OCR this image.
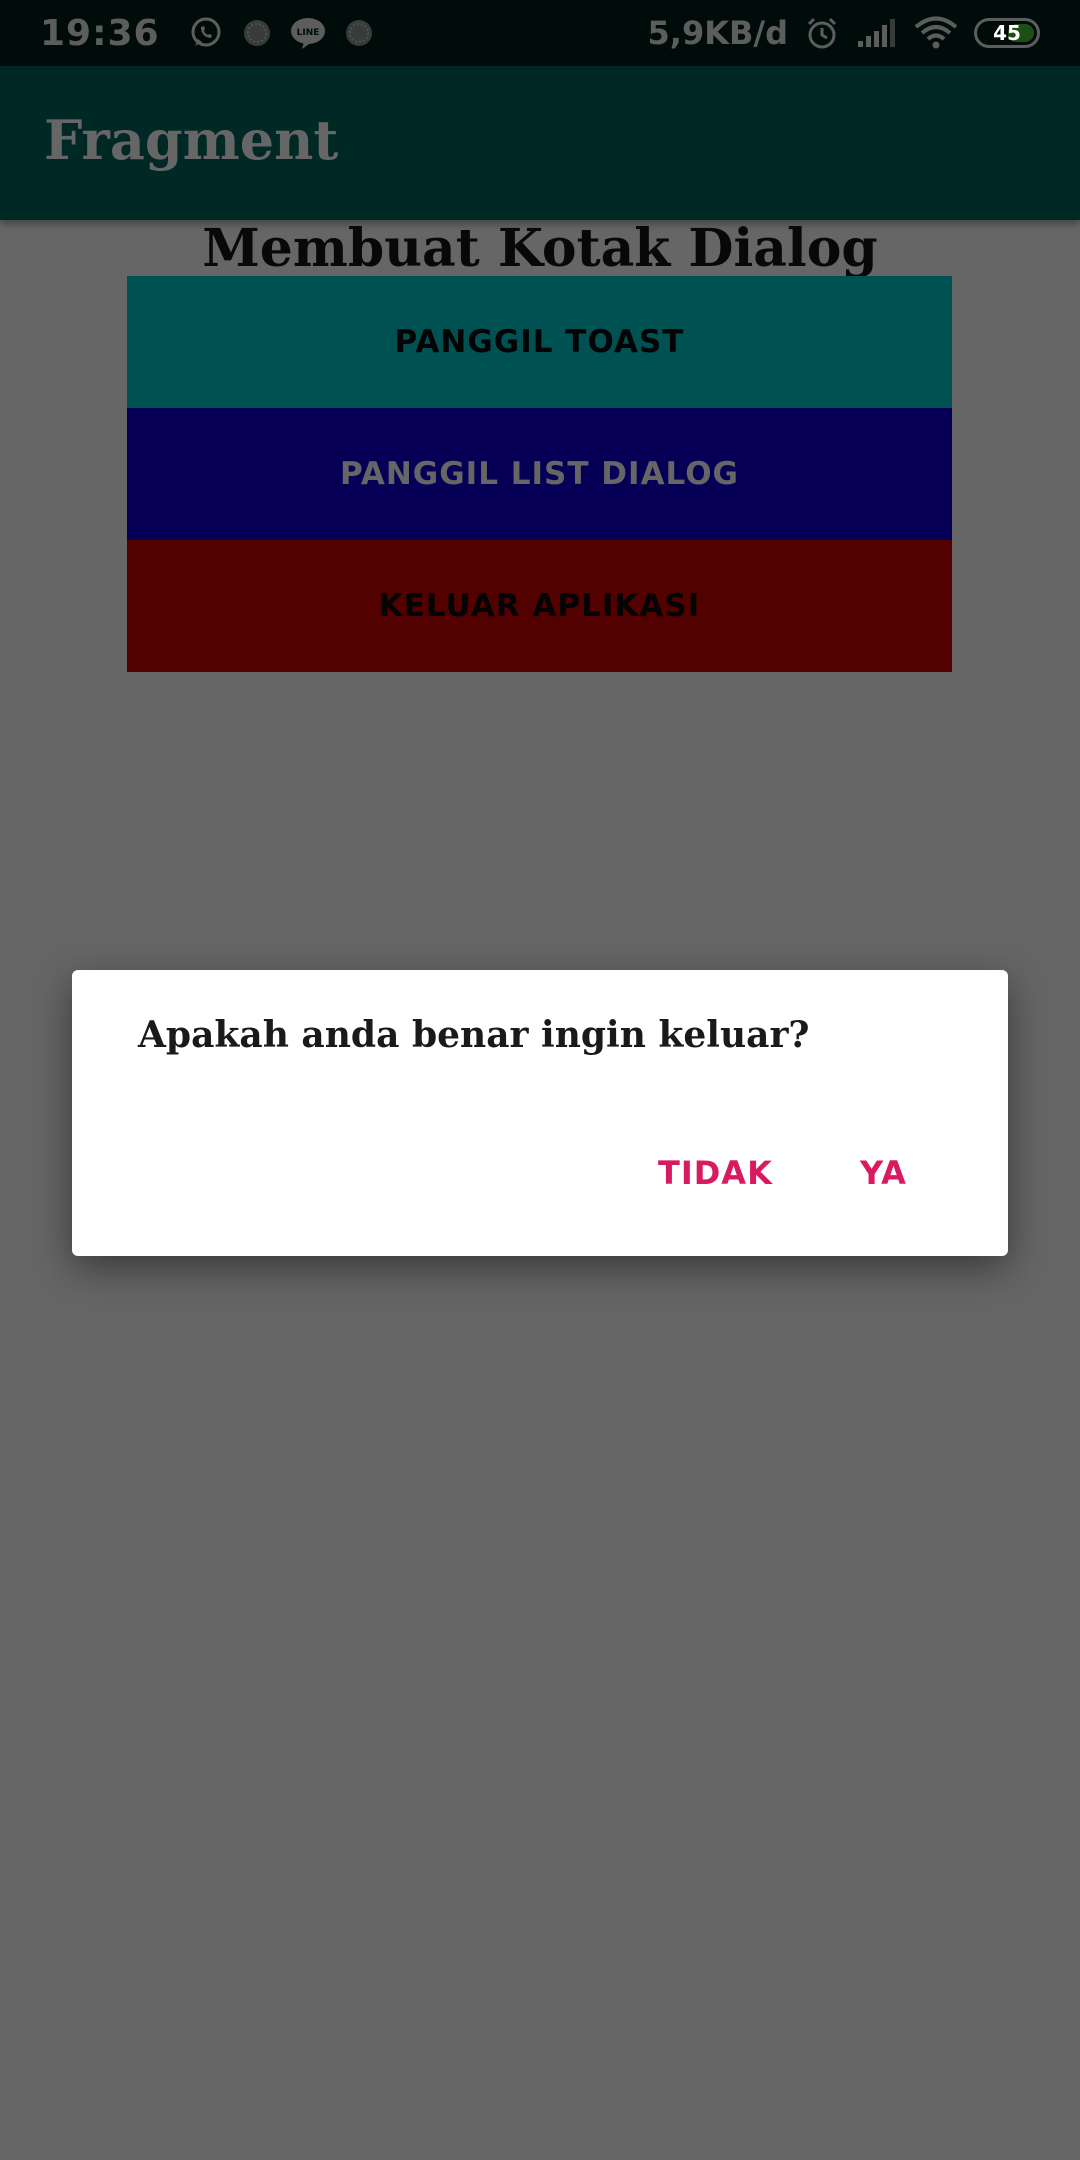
45
Apakah anda benar ingin keluar?
TIDAK	YA
